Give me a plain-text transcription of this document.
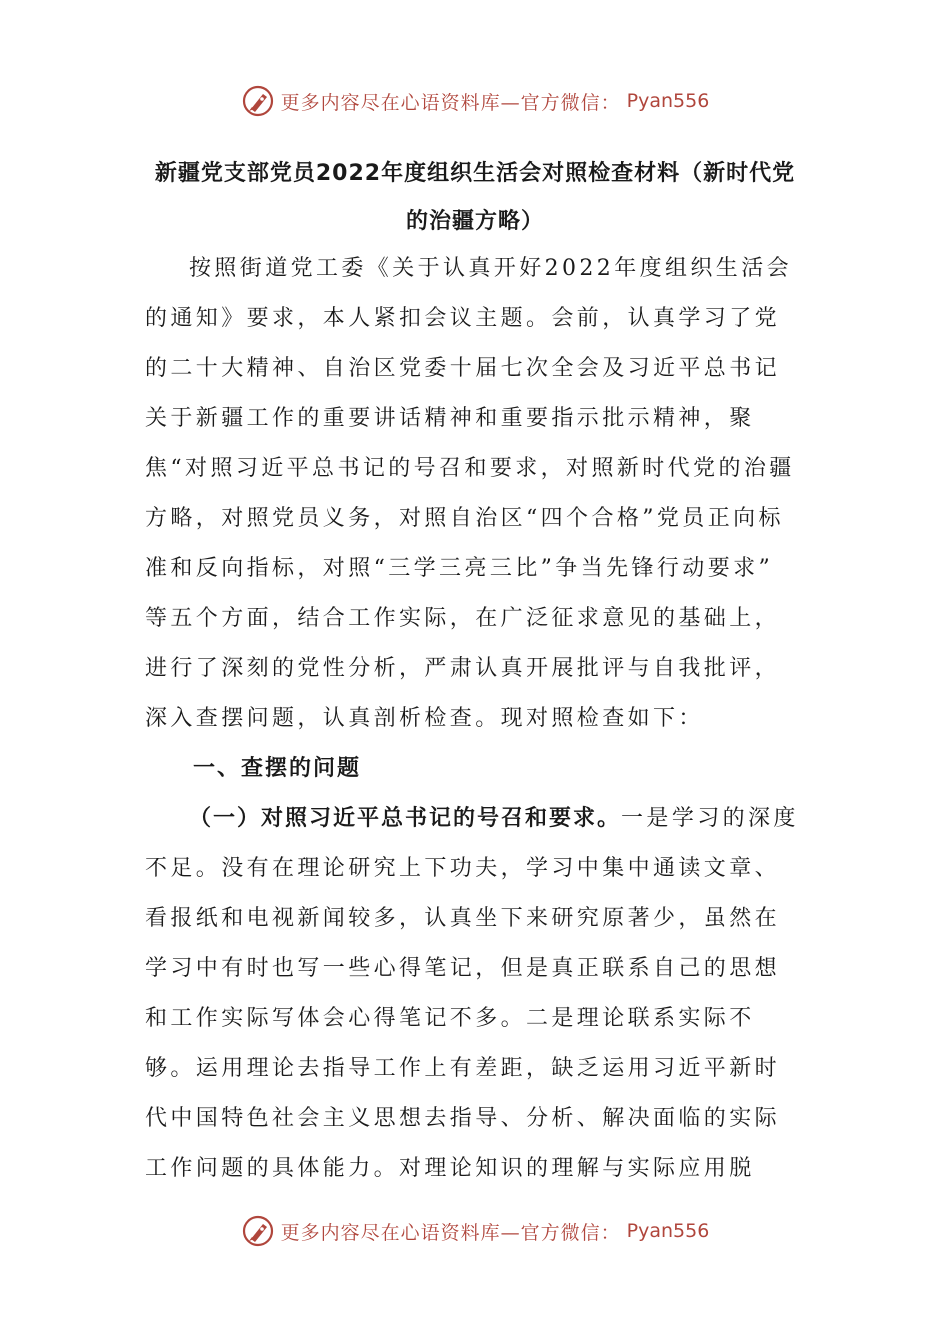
更多内容尽在心语资料库—官方微信： Pyan556
新疆党支部党员2022年度组织生活会对照检查材料（新时代党的治疆方略）

按照街道党工委《关于认真开好2022年度组织生活会的通知》要求，本人紧扣会议主题。会前，认真学习了党的二十大精神、自治区党委十届七次全会及习近平总书记关于新疆工作的重要讲话精神和重要指示批示精神，聚焦“对照习近平总书记的号召和要求，对照新时代党的治疆方略，对照党员义务，对照自治区“四个合格”党员正向标准和反向指标，对照“三学三亮三比”争当先锋行动要求” 等五个方面，结合工作实际，在广泛征求意见的基础上，进行了深刻的党性分析，严肃认真开展批评与自我批评，深入查摆问题，认真剖析检查。现对照检查如下：

一、查摆的问题

（一）对照习近平总书记的号召和要求。一是学习的深度不足。没有在理论研究上下功夫，学习中集中通读文章、看报纸和电视新闻较多，认真坐下来研究原著少，虽然在学习中有时也写一些心得笔记，但是真正联系自己的思想和工作实际写体会心得笔记不多。二是理论联系实际不够。运用理论去指导工作上有差距，缺乏运用习近平新时代中国特色社会主义思想去指导、分析、解决面临的实际工作问题的具体能力。对理论知识的理解与实际应用脱

更多内容尽在心语资料库—官方微信： Pyan556
